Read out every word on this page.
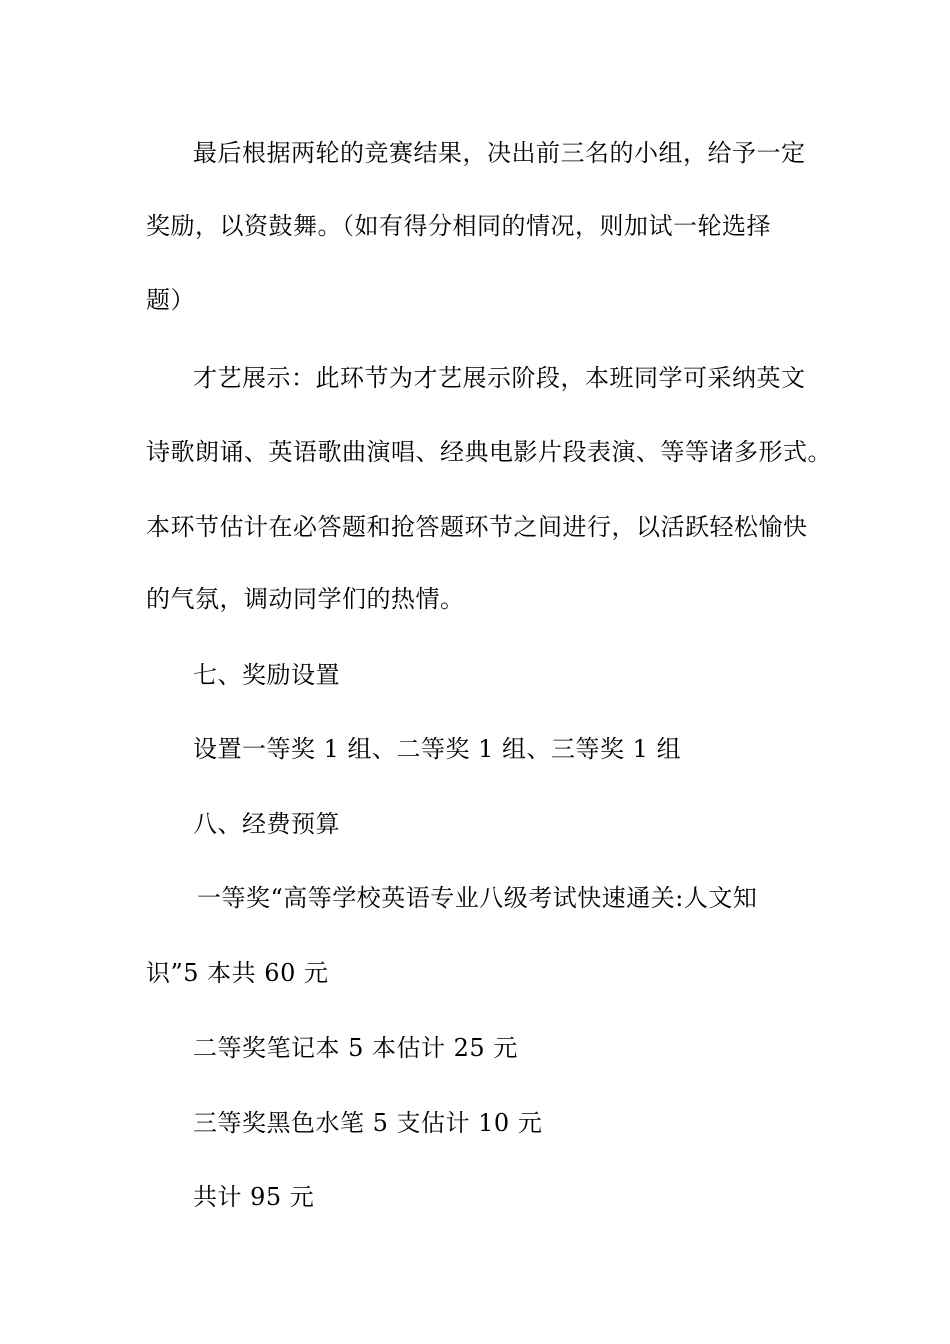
最后根据两轮的竞赛结果，决出前三名的小组，给予一定
奖励，以资鼓舞。（如有得分相同的情况，则加试一轮选择
题）
才艺展示：此环节为才艺展示阶段，本班同学可采纳英文
诗歌朗诵、英语歌曲演唱、经典电影片段表演、等等诸多形式。
本环节估计在必答题和抢答题环节之间进行，以活跃轻松愉快
的气氛，调动同学们的热情。
七、奖励设置
设置一等奖 1 组、二等奖 1 组、三等奖 1 组
八、经费预算
一等奖“高等学校英语专业八级考试快速通关:人文知
识”5 本共 60 元
二等奖笔记本 5 本估计 25 元
三等奖黑色水笔 5 支估计 10 元
共计 95 元
